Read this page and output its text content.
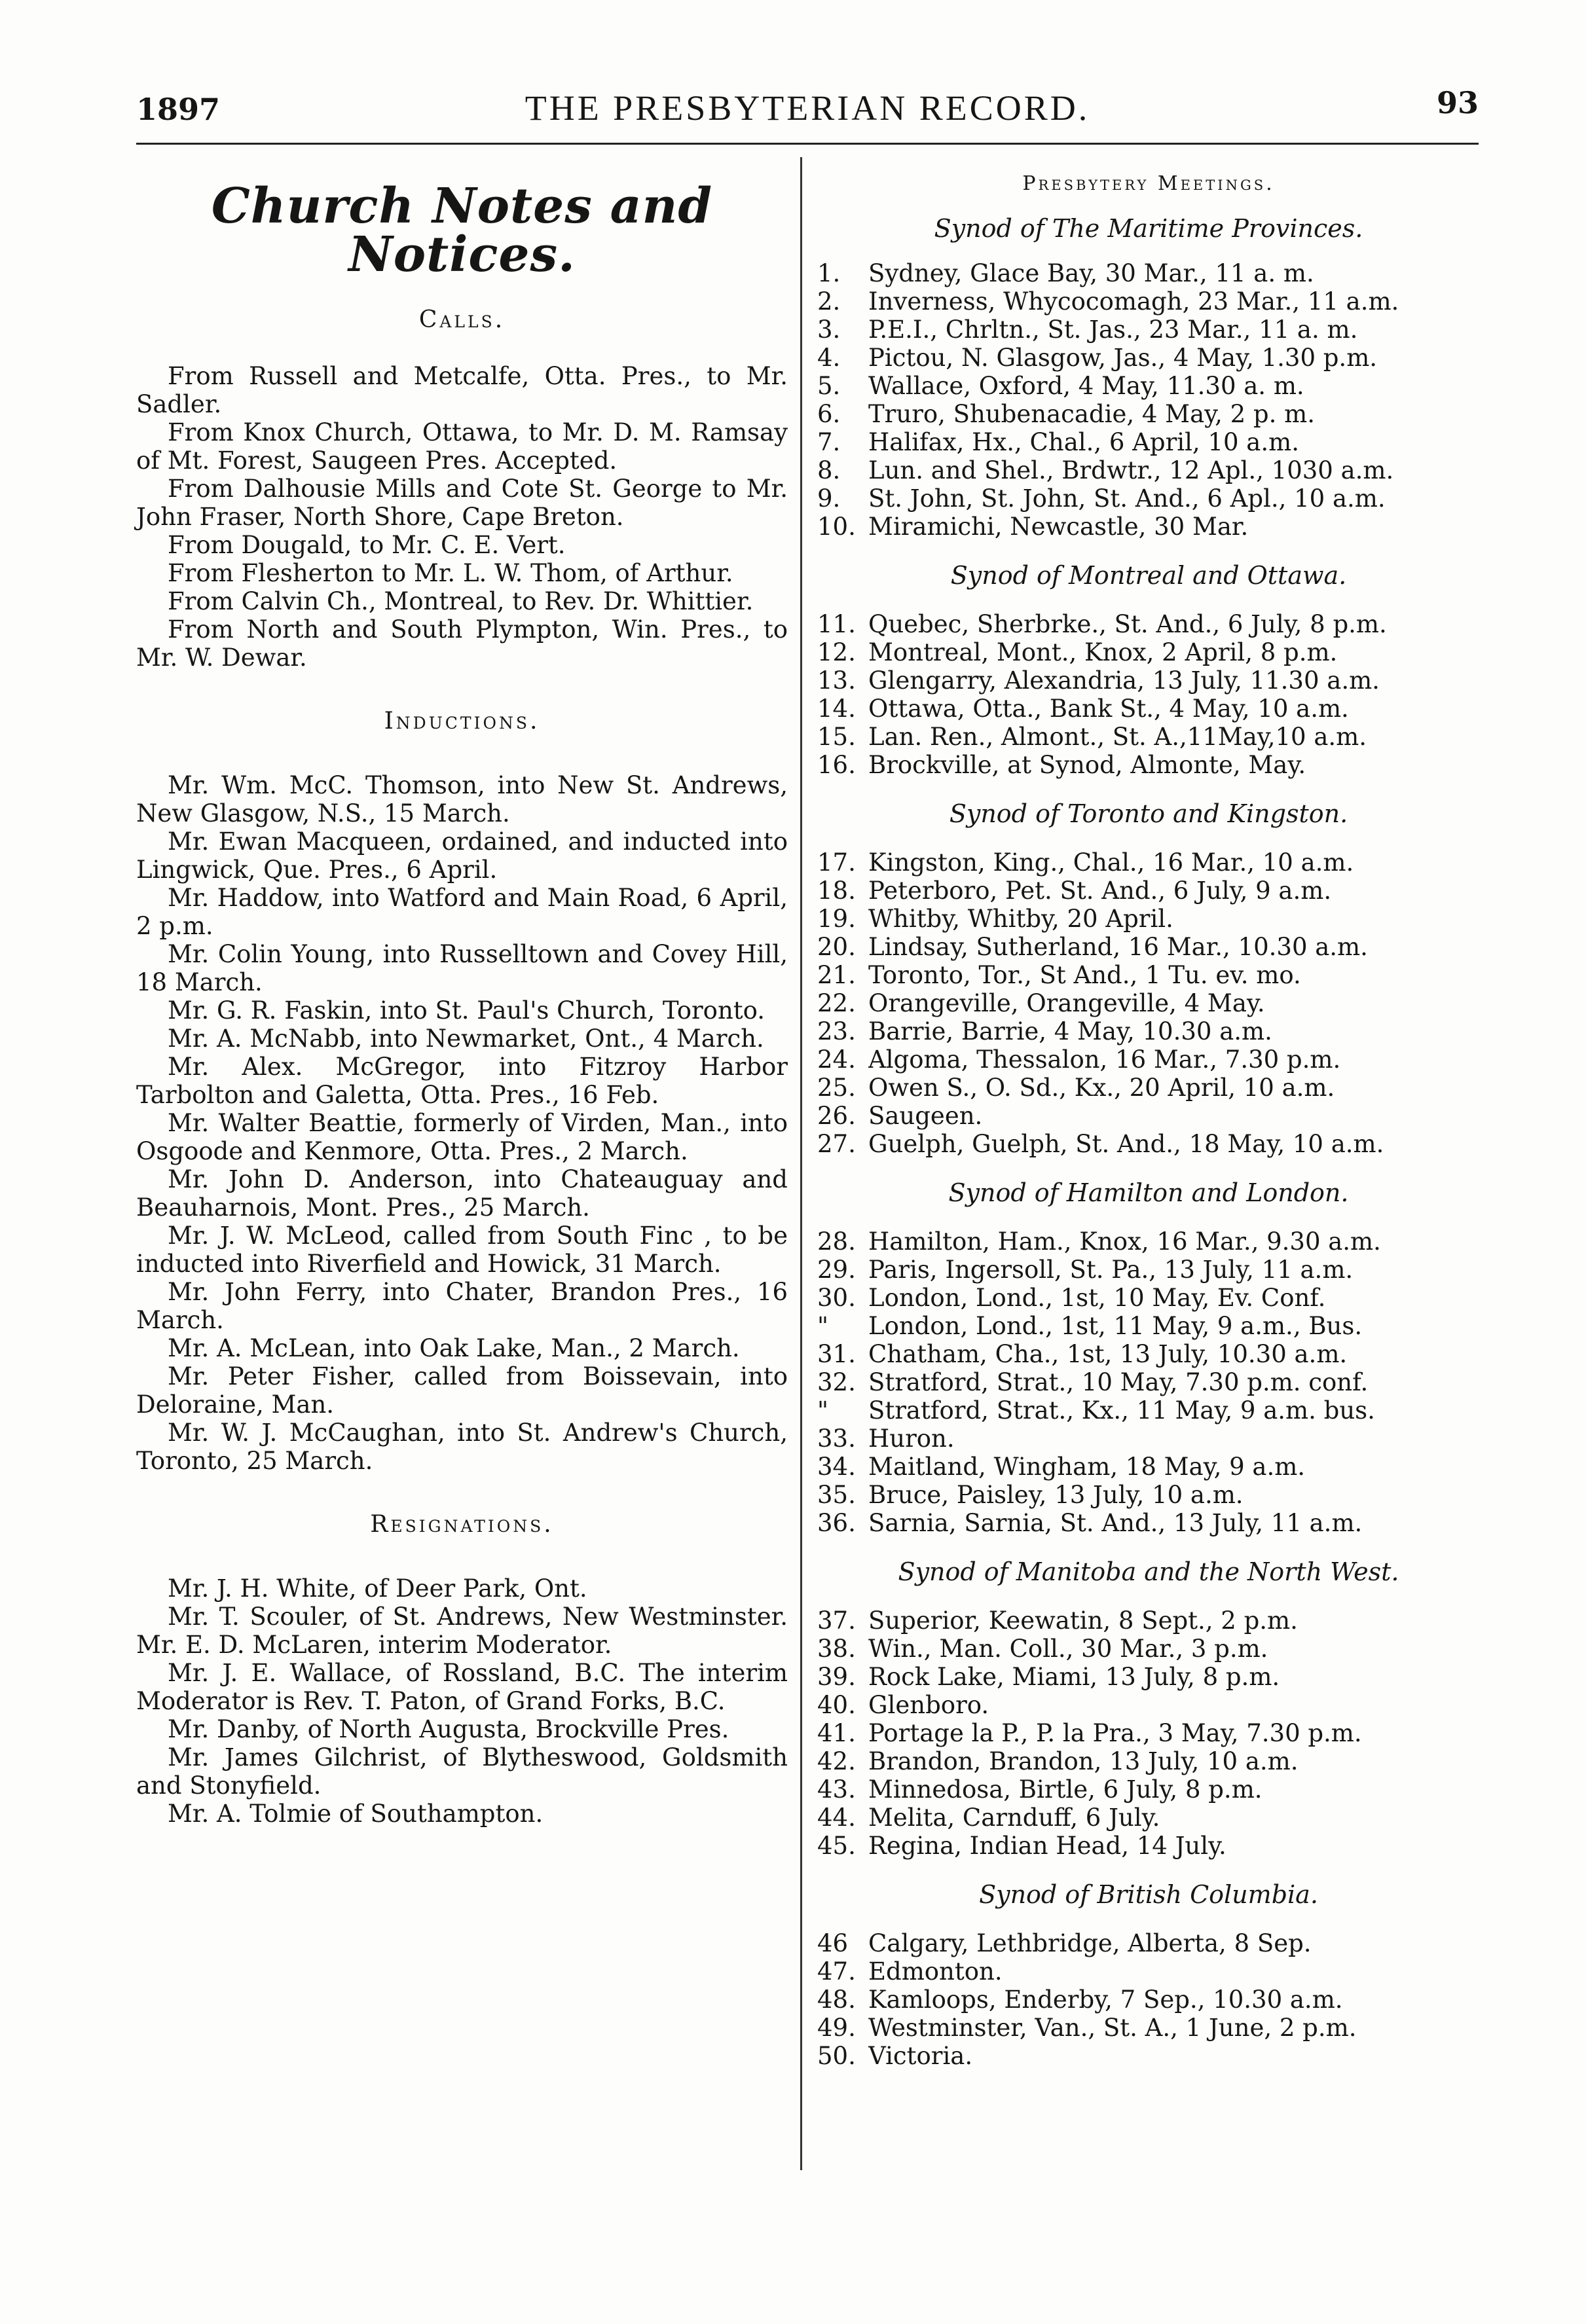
1897	THE PRESBYTERIAN RECORD.	93
Church Notes and Notices.
Calls.

From Russell and Metcalfe, Otta. Pres., to Mr. Sadler.

From Knox Church, Ottawa, to Mr. D. M. Ramsay of Mt. Forest, Saugeen Pres. Accepted.

From Dalhousie Mills and Cote St. George to Mr. John Fraser, North Shore, Cape Breton.

From Dougald, to Mr. C. E. Vert.

From Flesherton to Mr. L. W. Thom, of Arthur.

From Calvin Ch., Montreal, to Rev. Dr. Whittier.

From North and South Plympton, Win. Pres., to Mr. W. Dewar.

Inductions.

Mr. Wm. McC. Thomson, into New St. Andrews, New Glasgow, N.S., 15 March.

Mr. Ewan Macqueen, ordained, and inducted into Lingwick, Que. Pres., 6 April.

Mr. Haddow, into Watford and Main Road, 6 April, 2 p.m.

Mr. Colin Young, into Russelltown and Covey Hill, 18 March.

Mr. G. R. Faskin, into St. Paul's Church, Toronto.

Mr. A. McNabb, into Newmarket, Ont., 4 March.

Mr. Alex. McGregor, into Fitzroy Harbor Tarbolton and Galetta, Otta. Pres., 16 Feb.

Mr. Walter Beattie, formerly of Virden, Man., into Osgoode and Kenmore, Otta. Pres., 2 March.

Mr. John D. Anderson, into Chateauguay and Beauharnois, Mont. Pres., 25 March.

Mr. J. W. McLeod, called from South Finc , to be inducted into Riverfield and Howick, 31 March.

Mr. John Ferry, into Chater, Brandon Pres., 16 March.

Mr. A. McLean, into Oak Lake, Man., 2 March.

Mr. Peter Fisher, called from Boissevain, into Deloraine, Man.

Mr. W. J. McCaughan, into St. Andrew's Church, Toronto, 25 March.

Resignations.

Mr. J. H. White, of Deer Park, Ont.

Mr. T. Scouler, of St. Andrews, New Westminster. Mr. E. D. McLaren, interim Moderator.

Mr. J. E. Wallace, of Rossland, B.C. The interim Moderator is Rev. T. Paton, of Grand Forks, B.C.

Mr. Danby, of North Augusta, Brockville Pres.

Mr. James Gilchrist, of Blytheswood, Goldsmith and Stonyfield.

Mr. A. Tolmie of Southampton.

Presbytery Meetings.
Synod of The Maritime Provinces.
1.	Sydney, Glace Bay, 30 Mar., 11 a. m.
2.	Inverness, Whycocomagh, 23 Mar., 11 a.m.
3.	P.E.I., Chrltn., St. Jas., 23 Mar., 11 a. m.
4.	Pictou, N. Glasgow, Jas., 4 May, 1.30 p.m.
5.	Wallace, Oxford, 4 May, 11.30 a. m.
6.	Truro, Shubenacadie, 4 May, 2 p. m.
7.	Halifax, Hx., Chal., 6 April, 10 a.m.
8.	Lun. and Shel., Brdwtr., 12 Apl., 1030 a.m.
9.	St. John, St. John, St. And., 6 Apl., 10 a.m.
10. Miramichi, Newcastle, 30 Mar.
Synod of Montreal and Ottawa.
11. Quebec, Sherbrke., St. And., 6 July, 8 p.m.
12. Montreal, Mont., Knox, 2 April, 8 p.m.
13. Glengarry, Alexandria, 13 July, 11.30 a.m.
14. Ottawa, Otta., Bank St., 4 May, 10 a.m.
15. Lan. Ren., Almont., St. A.,11May,10 a.m.
16. Brockville, at Synod, Almonte, May.
Synod of Toronto and Kingston.
17. Kingston, King., Chal., 16 Mar., 10 a.m.
18. Peterboro, Pet. St. And., 6 July, 9 a.m.
19. Whitby, Whitby, 20 April.
20. Lindsay, Sutherland, 16 Mar., 10.30 a.m.
21. Toronto, Tor., St And., 1 Tu. ev. mo.
22. Orangeville, Orangeville, 4 May.
23. Barrie, Barrie, 4 May, 10.30 a.m.
24. Algoma, Thessalon, 16 Mar., 7.30 p.m.
25. Owen S., O. Sd., Kx., 20 April, 10 a.m.
26. Saugeen.
27. Guelph, Guelph, St. And., 18 May, 10 a.m.
Synod of Hamilton and London.
28. Hamilton, Ham., Knox, 16 Mar., 9.30 a.m.
29. Paris, Ingersoll, St. Pa., 13 July, 11 a.m.
30. London, Lond., 1st, 10 May, Ev. Conf.
"	London, Lond., 1st, 11 May, 9 a.m., Bus.
31. Chatham, Cha., 1st, 13 July, 10.30 a.m.
32. Stratford, Strat., 10 May, 7.30 p.m. conf.
"	Stratford, Strat., Kx., 11 May, 9 a.m. bus.
33. Huron.
34. Maitland, Wingham, 18 May, 9 a.m.
35. Bruce, Paisley, 13 July, 10 a.m.
36. Sarnia, Sarnia, St. And., 13 July, 11 a.m.
Synod of Manitoba and the North West.
37. Superior, Keewatin, 8 Sept., 2 p.m.
38. Win., Man. Coll., 30 Mar., 3 p.m.
39. Rock Lake, Miami, 13 July, 8 p.m.
40. Glenboro.
41. Portage la P., P. la Pra., 3 May, 7.30 p.m.
42. Brandon, Brandon, 13 July, 10 a.m.
43. Minnedosa, Birtle, 6 July, 8 p.m.
44. Melita, Carnduff, 6 July.
45. Regina, Indian Head, 14 July.
Synod of British Columbia.
46 Calgary, Lethbridge, Alberta, 8 Sep.
47. Edmonton.
48. Kamloops, Enderby, 7 Sep., 10.30 a.m.
49. Westminster, Van., St. A., 1 June, 2 p.m.
50. Victoria.
